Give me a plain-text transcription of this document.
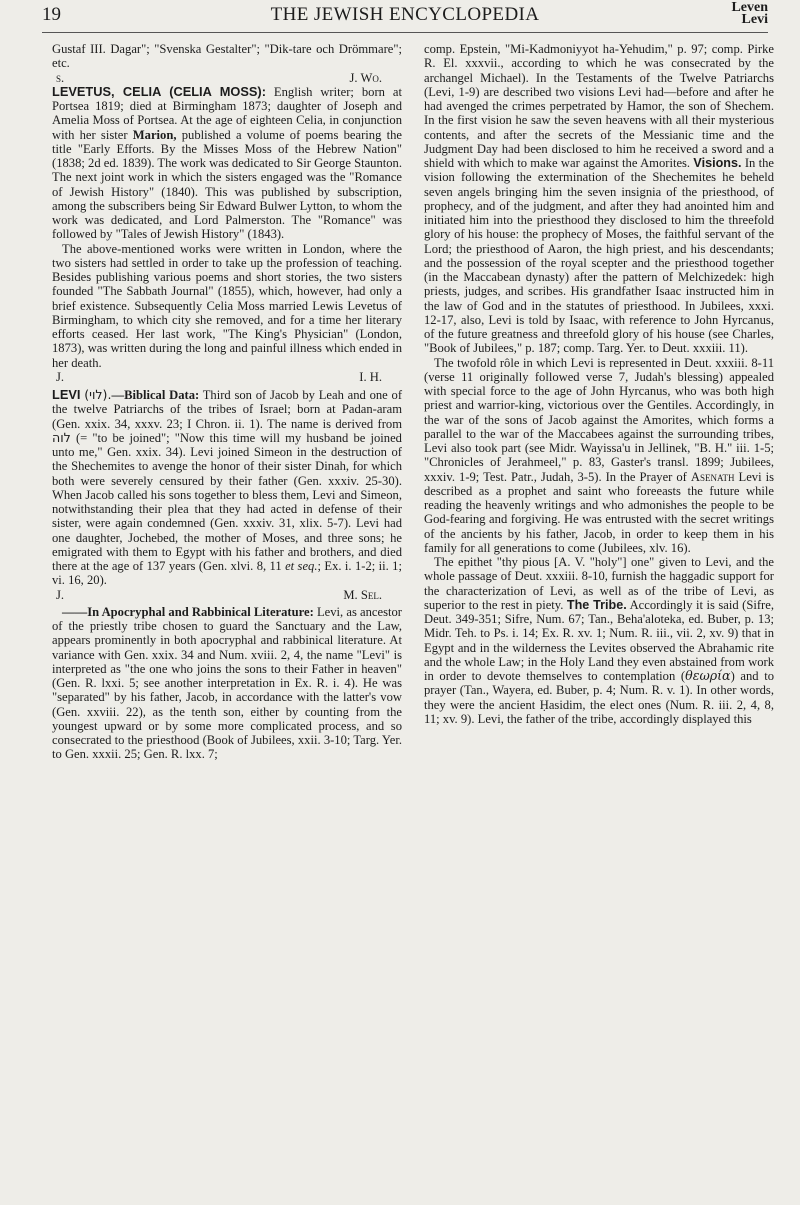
19	THE JEWISH ENCYCLOPEDIA	Leven
Levi

Gustaf III. Dagar"; "Svenska Gestalter"; "Dik-tare och Drömmare"; etc.

s.	J. Wo.

LEVETUS, CELIA (CELIA MOSS): English writer; born at Portsea 1819; died at Birmingham 1873; daughter of Joseph and Amelia Moss of Portsea. At the age of eighteen Celia, in conjunction with her sister Marion, published a volume of poems bearing the title "Early Efforts. By the Misses Moss of the Hebrew Nation" (1838; 2d ed. 1839). The work was dedicated to Sir George Staunton. The next joint work in which the sisters engaged was the "Romance of Jewish History" (1840). This was published by subscription, among the subscribers being Sir Edward Bulwer Lytton, to whom the work was dedicated, and Lord Palmerston. The "Romance" was followed by "Tales of Jewish History" (1843).

The above-mentioned works were written in London, where the two sisters had settled in order to take up the profession of teaching. Besides publishing various poems and short stories, the two sisters founded "The Sabbath Journal" (1855), which, however, had only a brief existence. Subsequently Celia Moss married Lewis Levetus of Birmingham, to which city she removed, and for a time her literary efforts ceased. Her last work, "The King's Physician" (London, 1873), was written during the long and painful illness which ended in her death.

J.	I. H.

LEVI (לוי).—Biblical Data: Third son of Jacob by Leah and one of the twelve Patriarchs of the tribes of Israel; born at Padan-aram (Gen. xxix. 34, xxxv. 23; I Chron. ii. 1). The name is derived from לוה (= "to be joined"; "Now this time will my husband be joined unto me," Gen. xxix. 34). Levi joined Simeon in the destruction of the Shechemites to avenge the honor of their sister Dinah, for which both were severely censured by their father (Gen. xxxiv. 25-30). When Jacob called his sons together to bless them, Levi and Simeon, notwithstanding their plea that they had acted in defense of their sister, were again condemned (Gen. xxxiv. 31, xlix. 5-7). Levi had one daughter, Jochebed, the mother of Moses, and three sons; he emigrated with them to Egypt with his father and brothers, and died there at the age of 137 years (Gen. xlvi. 8, 11 et seq.; Ex. i. 1-2; ii. 1; vi. 16, 20).

J.	M. Sel.

——In Apocryphal and Rabbinical Literature: Levi, as ancestor of the priestly tribe chosen to guard the Sanctuary and the Law, appears prominently in both apocryphal and rabbinical literature. At variance with Gen. xxix. 34 and Num. xviii. 2, 4, the name "Levi" is interpreted as "the one who joins the sons to their Father in heaven" (Gen. R. lxxi. 5; see another interpretation in Ex. R. i. 4). He was "separated" by his father, Jacob, in accordance with the latter's vow (Gen. xxviii. 22), as the tenth son, either by counting from the youngest upward or by some more complicated process, and so consecrated to the priesthood (Book of Jubilees, xxii. 3-10; Targ. Yer. to Gen. xxxii. 25; Gen. R. lxx. 7;

comp. Epstein, "Mi-Kadmoniyyot ha-Yehudim," p. 97; comp. Pirke R. El. xxxvii., according to which he was consecrated by the archangel Michael). In the Testaments of the Twelve Patriarchs (Levi, 1-9) are described two visions Levi had—before and after he had avenged the crimes perpetrated by Hamor, the son of Shechem. In the first vision he saw the seven heavens with all their mysterious contents, and after the secrets of the Messianic time and the Judgment Day had been disclosed to him he received a sword and a shield with which to make war against the Amorites. Visions. In the vision following the extermination of the Shechemites he beheld seven angels bringing him the seven insignia of the priesthood, of prophecy, and of the judgment, and after they had anointed him and initiated him into the priesthood they disclosed to him the threefold glory of his house: the prophecy of Moses, the faithful servant of the Lord; the priesthood of Aaron, the high priest, and his descendants; and the possession of the royal scepter and the priesthood together (in the Maccabean dynasty) after the pattern of Melchizedek: high priests, judges, and scribes. His grandfather Isaac instructed him in the law of God and in the statutes of priesthood. In Jubilees, xxxi. 12-17, also, Levi is told by Isaac, with reference to John Hyrcanus, of the future greatness and threefold glory of his house (see Charles, "Book of Jubilees," p. 187; comp. Targ. Yer. to Deut. xxxiii. 11).

The twofold rôle in which Levi is represented in Deut. xxxiii. 8-11 (verse 11 originally followed verse 7, Judah's blessing) appealed with special force to the age of John Hyrcanus, who was both high priest and warrior-king, victorious over the Gentiles. Accordingly, in the war of the sons of Jacob against the Amorites, which forms a parallel to the war of the Maccabees against the surrounding tribes, Levi also took part (see Midr. Wayissa'u in Jellinek, "B. H." iii. 1-5; "Chronicles of Jerahmeel," p. 83, Gaster's transl. 1899; Jubilees, xxxiv. 1-9; Test. Patr., Judah, 3-5). In the Prayer of Asenath Levi is described as a prophet and saint who foreeasts the future while reading the heavenly writings and who admonishes the people to be God-fearing and forgiving. He was entrusted with the secret writings of the ancients by his father, Jacob, in order to keep them in his family for all generations to come (Jubilees, xlv. 16).

The epithet "thy pious [A. V. "holy"] one" given to Levi, and the whole passage of Deut. xxxiii. 8-10, furnish the haggadic support for the characterization of Levi, as well as of the tribe of Levi, as superior to the rest in piety. The Tribe. Accordingly it is said (Sifre, Deut. 349-351; Sifre, Num. 67; Tan., Beha'aloteka, ed. Buber, p. 13; Midr. Teh. to Ps. i. 14; Ex. R. xv. 1; Num. R. iii., vii. 2, xv. 9) that in Egypt and in the wilderness the Levites observed the Abrahamic rite and the whole Law; in the Holy Land they even abstained from work in order to devote themselves to contemplation (θεωρία) and to prayer (Tan., Wayera, ed. Buber, p. 4; Num. R. v. 1). In other words, they were the ancient Ḥasidim, the elect ones (Num. R. iii. 2, 4, 8, 11; xv. 9). Levi, the father of the tribe, accordingly displayed this
